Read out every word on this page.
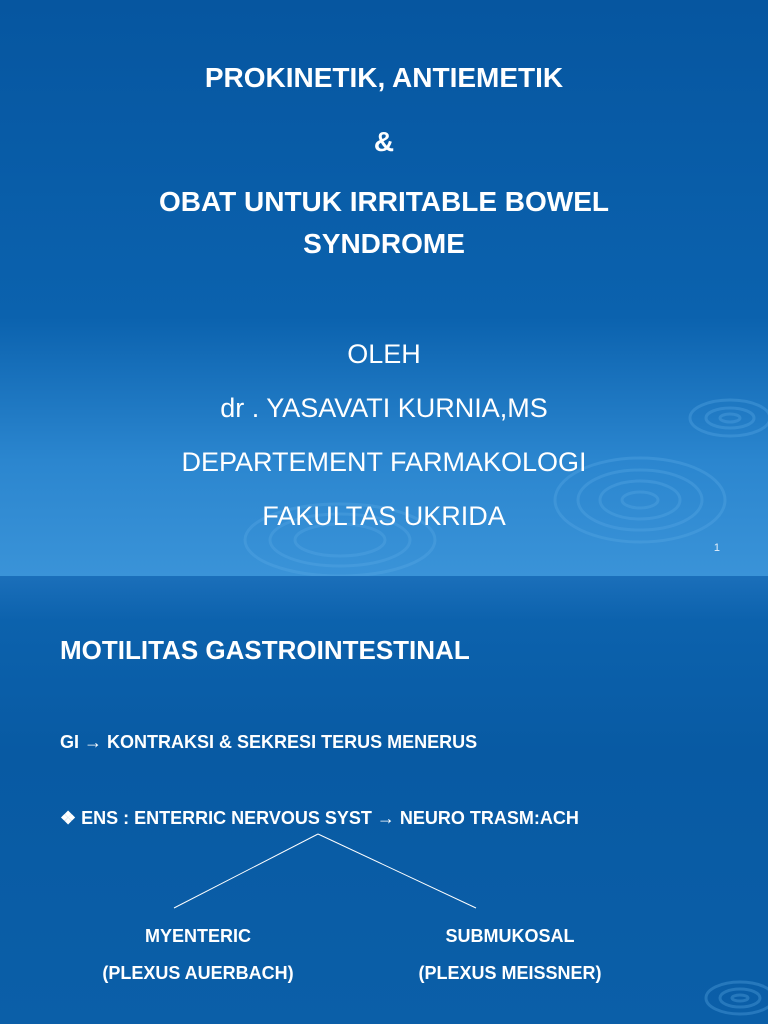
PROKINETIK, ANTIEMETIK
&
OBAT UNTUK IRRITABLE BOWEL
SYNDROME
OLEH
dr . YASAVATI KURNIA,MS
DEPARTEMENT FARMAKOLOGI
FAKULTAS UKRIDA
1
MOTILITAS GASTROINTESTINAL
GI → KONTRAKSI & SEKRESI TERUS MENERUS
❖ ENS : ENTERRIC NERVOUS SYST → NEURO TRASM:ACH
MYENTERIC
(PLEXUS AUERBACH)
SUBMUKOSAL
(PLEXUS MEISSNER)
